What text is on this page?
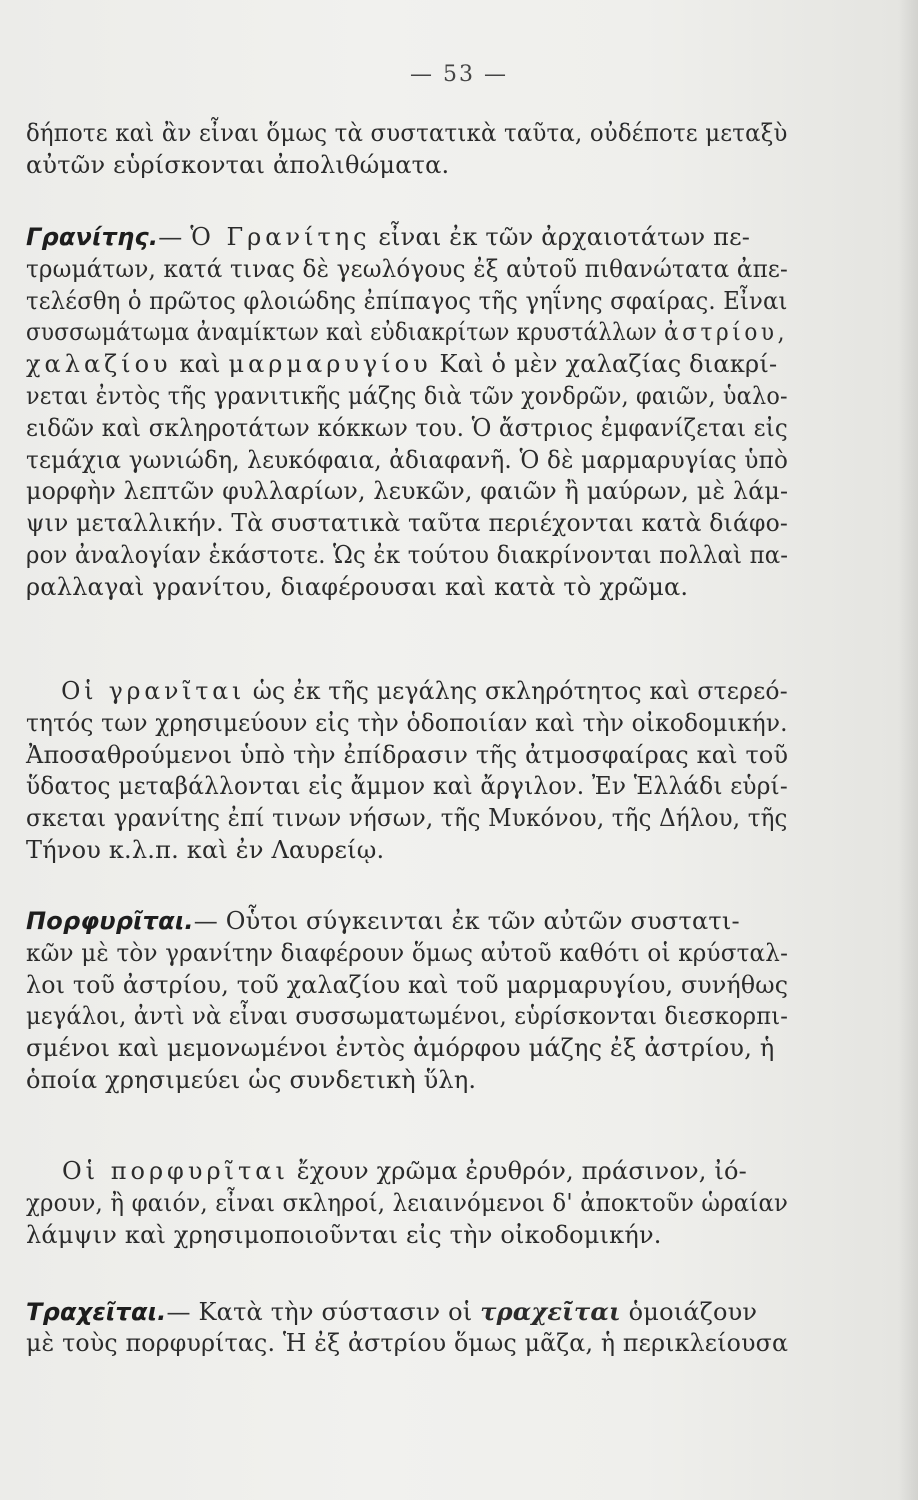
— 53 —
δήποτε καὶ ἂν εἶναι ὅμως τὰ συστατικὰ ταῦτα, οὐδέποτε μεταξὺ
αὐτῶν εὑρίσκονται ἀπολιθώματα.
Γρανίτης.— Ὁ Γρανίτης εἶναι ἐκ τῶν ἀρχαιοτάτων πε-
τρωμάτων, κατά τινας δὲ γεωλόγους ἐξ αὐτοῦ πιθανώτατα ἀπε-
τελέσθη ὁ πρῶτος φλοιώδης ἐπίπαγος τῆς γηΐνης σφαίρας. Εἶναι
συσσωμάτωμα ἀναμίκτων καὶ εὐδιακρίτων κρυστάλλων ἀστρίου,
χαλαζίου καὶ μαρμαρυγίου Καὶ ὁ μὲν χαλαζίας διακρί-
νεται ἐντὸς τῆς γρανιτικῆς μάζης διὰ τῶν χονδρῶν, φαιῶν, ὑαλο-
ειδῶν καὶ σκληροτάτων κόκκων του. Ὁ ἄστριος ἐμφανίζεται εἰς
τεμάχια γωνιώδη, λευκόφαια, ἀδιαφανῆ. Ὁ δὲ μαρμαρυγίας ὑπὸ
μορφὴν λεπτῶν φυλλαρίων, λευκῶν, φαιῶν ἢ μαύρων, μὲ λάμ-
ψιν μεταλλικήν. Τὰ συστατικὰ ταῦτα περιέχονται κατὰ διάφο-
ρον ἀναλογίαν ἑκάστοτε. Ὡς ἐκ τούτου διακρίνονται πολλαὶ πα-
ραλλαγαὶ γρανίτου, διαφέρουσαι καὶ κατὰ τὸ χρῶμα.
Οἱ γρανῖται ὡς ἐκ τῆς μεγάλης σκληρότητος καὶ στερεό-
τητός των χρησιμεύουν εἰς τὴν ὁδοποιίαν καὶ τὴν οἰκοδομικήν.
Ἀποσαθρούμενοι ὑπὸ τὴν ἐπίδρασιν τῆς ἀτμοσφαίρας καὶ τοῦ
ὕδατος μεταβάλλονται εἰς ἄμμον καὶ ἄργιλον. Ἐν Ἑλλάδι εὑρί-
σκεται γρανίτης ἐπί τινων νήσων, τῆς Μυκόνου, τῆς Δήλου, τῆς
Τήνου κ.λ.π. καὶ ἐν Λαυρείῳ.
Πορφυρῖται.— Οὗτοι σύγκεινται ἐκ τῶν αὐτῶν συστατι-
κῶν μὲ τὸν γρανίτην διαφέρουν ὅμως αὐτοῦ καθότι οἱ κρύσταλ-
λοι τοῦ ἀστρίου, τοῦ χαλαζίου καὶ τοῦ μαρμαρυγίου, συνήθως
μεγάλοι, ἀντὶ νὰ εἶναι συσσωματωμένοι, εὑρίσκονται διεσκορπι-
σμένοι καὶ μεμονωμένοι ἐντὸς ἀμόρφου μάζης ἐξ ἀστρίου, ἡ
ὁποία χρησιμεύει ὡς συνδετικὴ ὕλη.
Οἱ πορφυρῖται ἔχουν χρῶμα ἐρυθρόν, πράσινον, ἰό-
χρουν, ἢ φαιόν, εἶναι σκληροί, λειαινόμενοι δ' ἀποκτοῦν ὡραίαν
λάμψιν καὶ χρησιμοποιοῦνται εἰς τὴν οἰκοδομικήν.
Τραχεῖται.— Κατὰ τὴν σύστασιν οἱ τραχεῖται ὁμοιάζουν
μὲ τοὺς πορφυρίτας. Ἡ ἐξ ἀστρίου ὅμως μᾶζα, ἡ περικλείουσα
